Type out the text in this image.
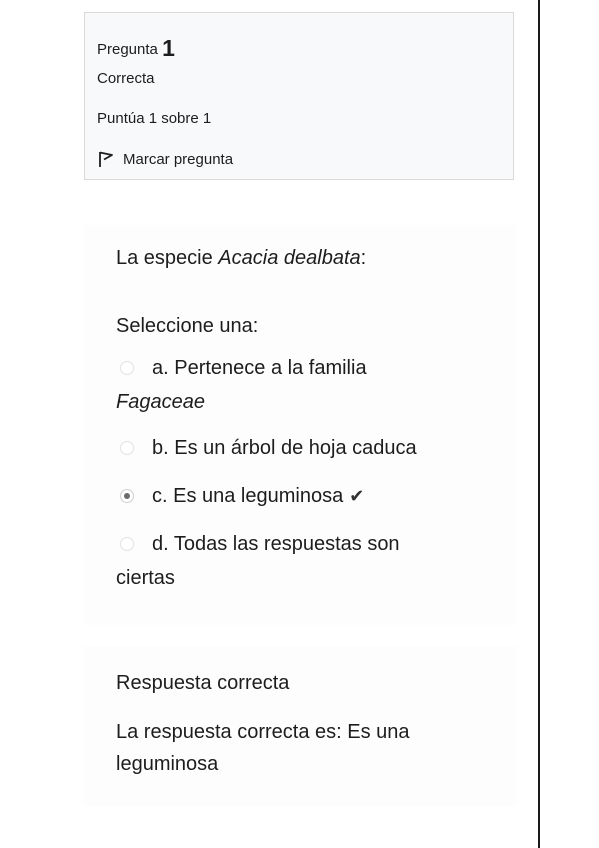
Pregunta 1
Correcta
Puntúa 1 sobre 1
Marcar pregunta
La especie Acacia dealbata:
Seleccione una:
a. Pertenece a la familia
Fagaceae
b. Es un árbol de hoja caduca
c. Es una leguminosa ✔
d. Todas las respuestas son
ciertas
Respuesta correcta
La respuesta correcta es: Es una leguminosa
